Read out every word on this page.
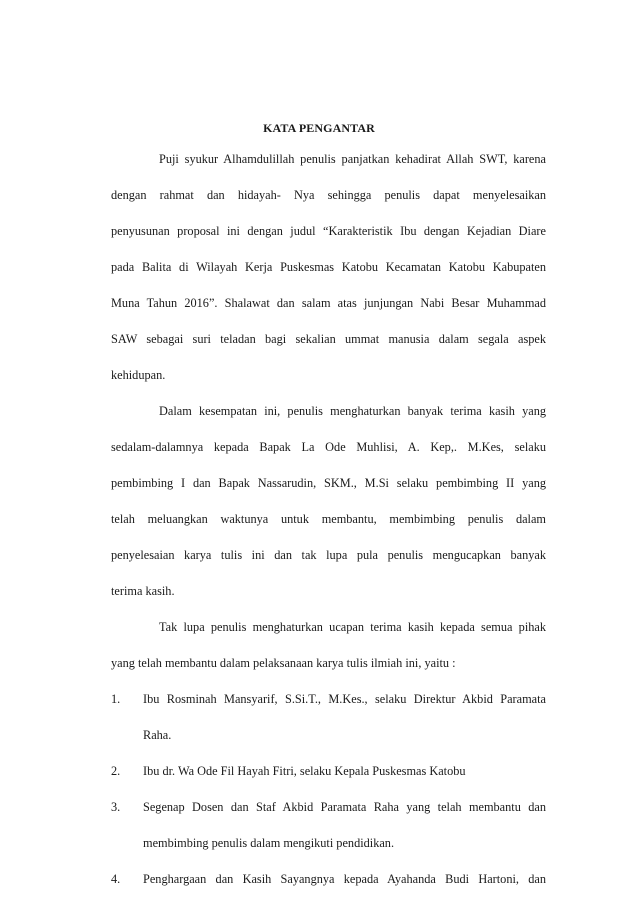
KATA PENGANTAR
Puji syukur Alhamdulillah penulis panjatkan kehadirat Allah SWT, karena
dengan rahmat dan hidayah- Nya sehingga penulis dapat menyelesaikan
penyusunan proposal ini dengan judul “Karakteristik Ibu dengan Kejadian Diare
pada Balita di Wilayah Kerja Puskesmas Katobu Kecamatan Katobu Kabupaten
Muna Tahun 2016”. Shalawat dan salam atas junjungan Nabi Besar Muhammad
SAW sebagai suri teladan bagi sekalian ummat manusia dalam segala aspek
kehidupan.
Dalam kesempatan ini, penulis menghaturkan banyak terima kasih yang
sedalam-dalamnya kepada Bapak La Ode Muhlisi, A. Kep,. M.Kes, selaku
pembimbing I dan Bapak Nassarudin, SKM., M.Si selaku pembimbing II yang
telah meluangkan waktunya untuk membantu, membimbing penulis dalam
penyelesaian karya tulis ini dan tak lupa pula penulis mengucapkan banyak
terima kasih.
Tak lupa penulis menghaturkan ucapan terima kasih kepada semua pihak
yang telah membantu dalam pelaksanaan karya tulis ilmiah ini, yaitu :
1. Ibu Rosminah Mansyarif, S.Si.T., M.Kes., selaku Direktur Akbid Paramata
Raha.
2. Ibu dr. Wa Ode Fil Hayah Fitri, selaku Kepala Puskesmas Katobu
3. Segenap Dosen dan Staf Akbid Paramata Raha yang telah membantu dan
membimbing penulis dalam mengikuti pendidikan.
4. Penghargaan dan Kasih Sayangnya kepada Ayahanda Budi Hartoni, dan
